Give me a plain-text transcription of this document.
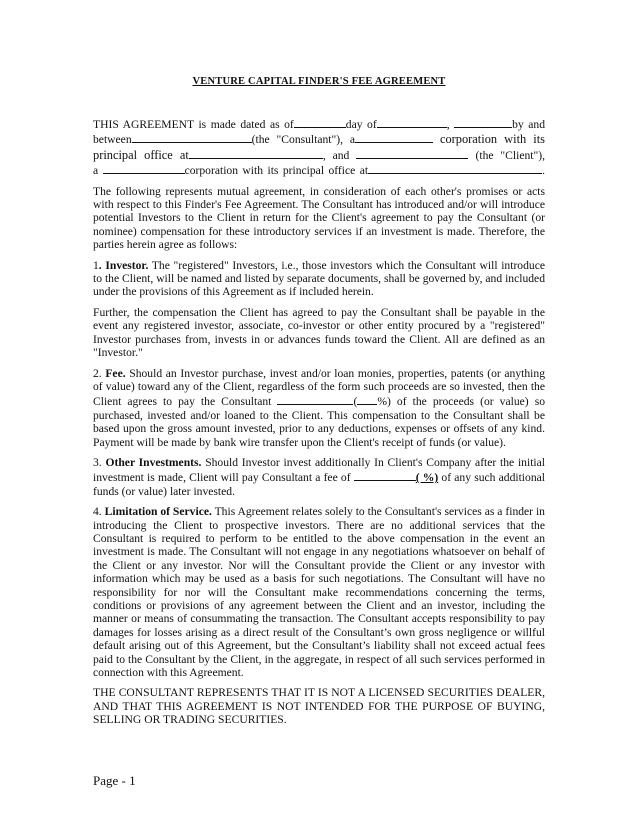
VENTURE CAPITAL FINDER'S FEE AGREEMENT
THIS AGREEMENT is made dated as of	day of	,	by and
between	(the "Consultant"), a	corporation with its
principal office at	, and	(the "Client"),
a	corporation with its principal office at	.

The following represents mutual agreement, in consideration of each other's promises or acts with respect to this Finder's Fee Agreement. The Consultant has introduced and/or will introduce potential Investors to the Client in return for the Client's agreement to pay the Consultant (or nominee) compensation for these introductory services if an investment is made. Therefore, the parties herein agree as follows:

1. Investor. The "registered" Investors, i.e., those investors which the Consultant will introduce to the Client, will be named and listed by separate documents, shall be governed by, and included under the provisions of this Agreement as if included herein.

Further, the compensation the Client has agreed to pay the Consultant shall be payable in the event any registered investor, associate, co-investor or other entity procured by a "registered" Investor purchases from, invests in or advances funds toward the Client. All are defined as an "Investor."

2. Fee. Should an Investor purchase, invest and/or loan monies, properties, patents (or anything of value) toward any of the Client, regardless of the form such proceeds are so invested, then the Client agrees to pay the Consultant	( %) of the proceeds (or value) so purchased, invested and/or loaned to the Client. This compensation to the Consultant shall be based upon the gross amount invested, prior to any deductions, expenses or offsets of any kind. Payment will be made by bank wire transfer upon the Client's receipt of funds (or value).

3. Other Investments. Should Investor invest additionally In Client's Company after the initial investment is made, Client will pay Consultant a fee of	( %) of any such additional funds (or value) later invested.

4. Limitation of Service. This Agreement relates solely to the Consultant's services as a finder in introducing the Client to prospective investors. There are no additional services that the Consultant is required to perform to be entitled to the above compensation in the event an investment is made. The Consultant will not engage in any negotiations whatsoever on behalf of the Client or any investor. Nor will the Consultant provide the Client or any investor with information which may be used as a basis for such negotiations. The Consultant will have no responsibility for nor will the Consultant make recommendations concerning the terms, conditions or provisions of any agreement between the Client and an investor, including the manner or means of consummating the transaction. The Consultant accepts responsibility to pay damages for losses arising as a direct result of the Consultant’s own gross negligence or willful default arising out of this Agreement, but the Consultant’s liability shall not exceed actual fees paid to the Consultant by the Client, in the aggregate, in respect of all such services performed in connection with this Agreement.

THE CONSULTANT REPRESENTS THAT IT IS NOT A LICENSED SECURITIES DEALER, AND THAT THIS AGREEMENT IS NOT INTENDED FOR THE PURPOSE OF BUYING, SELLING OR TRADING SECURITIES.

Page - 1
